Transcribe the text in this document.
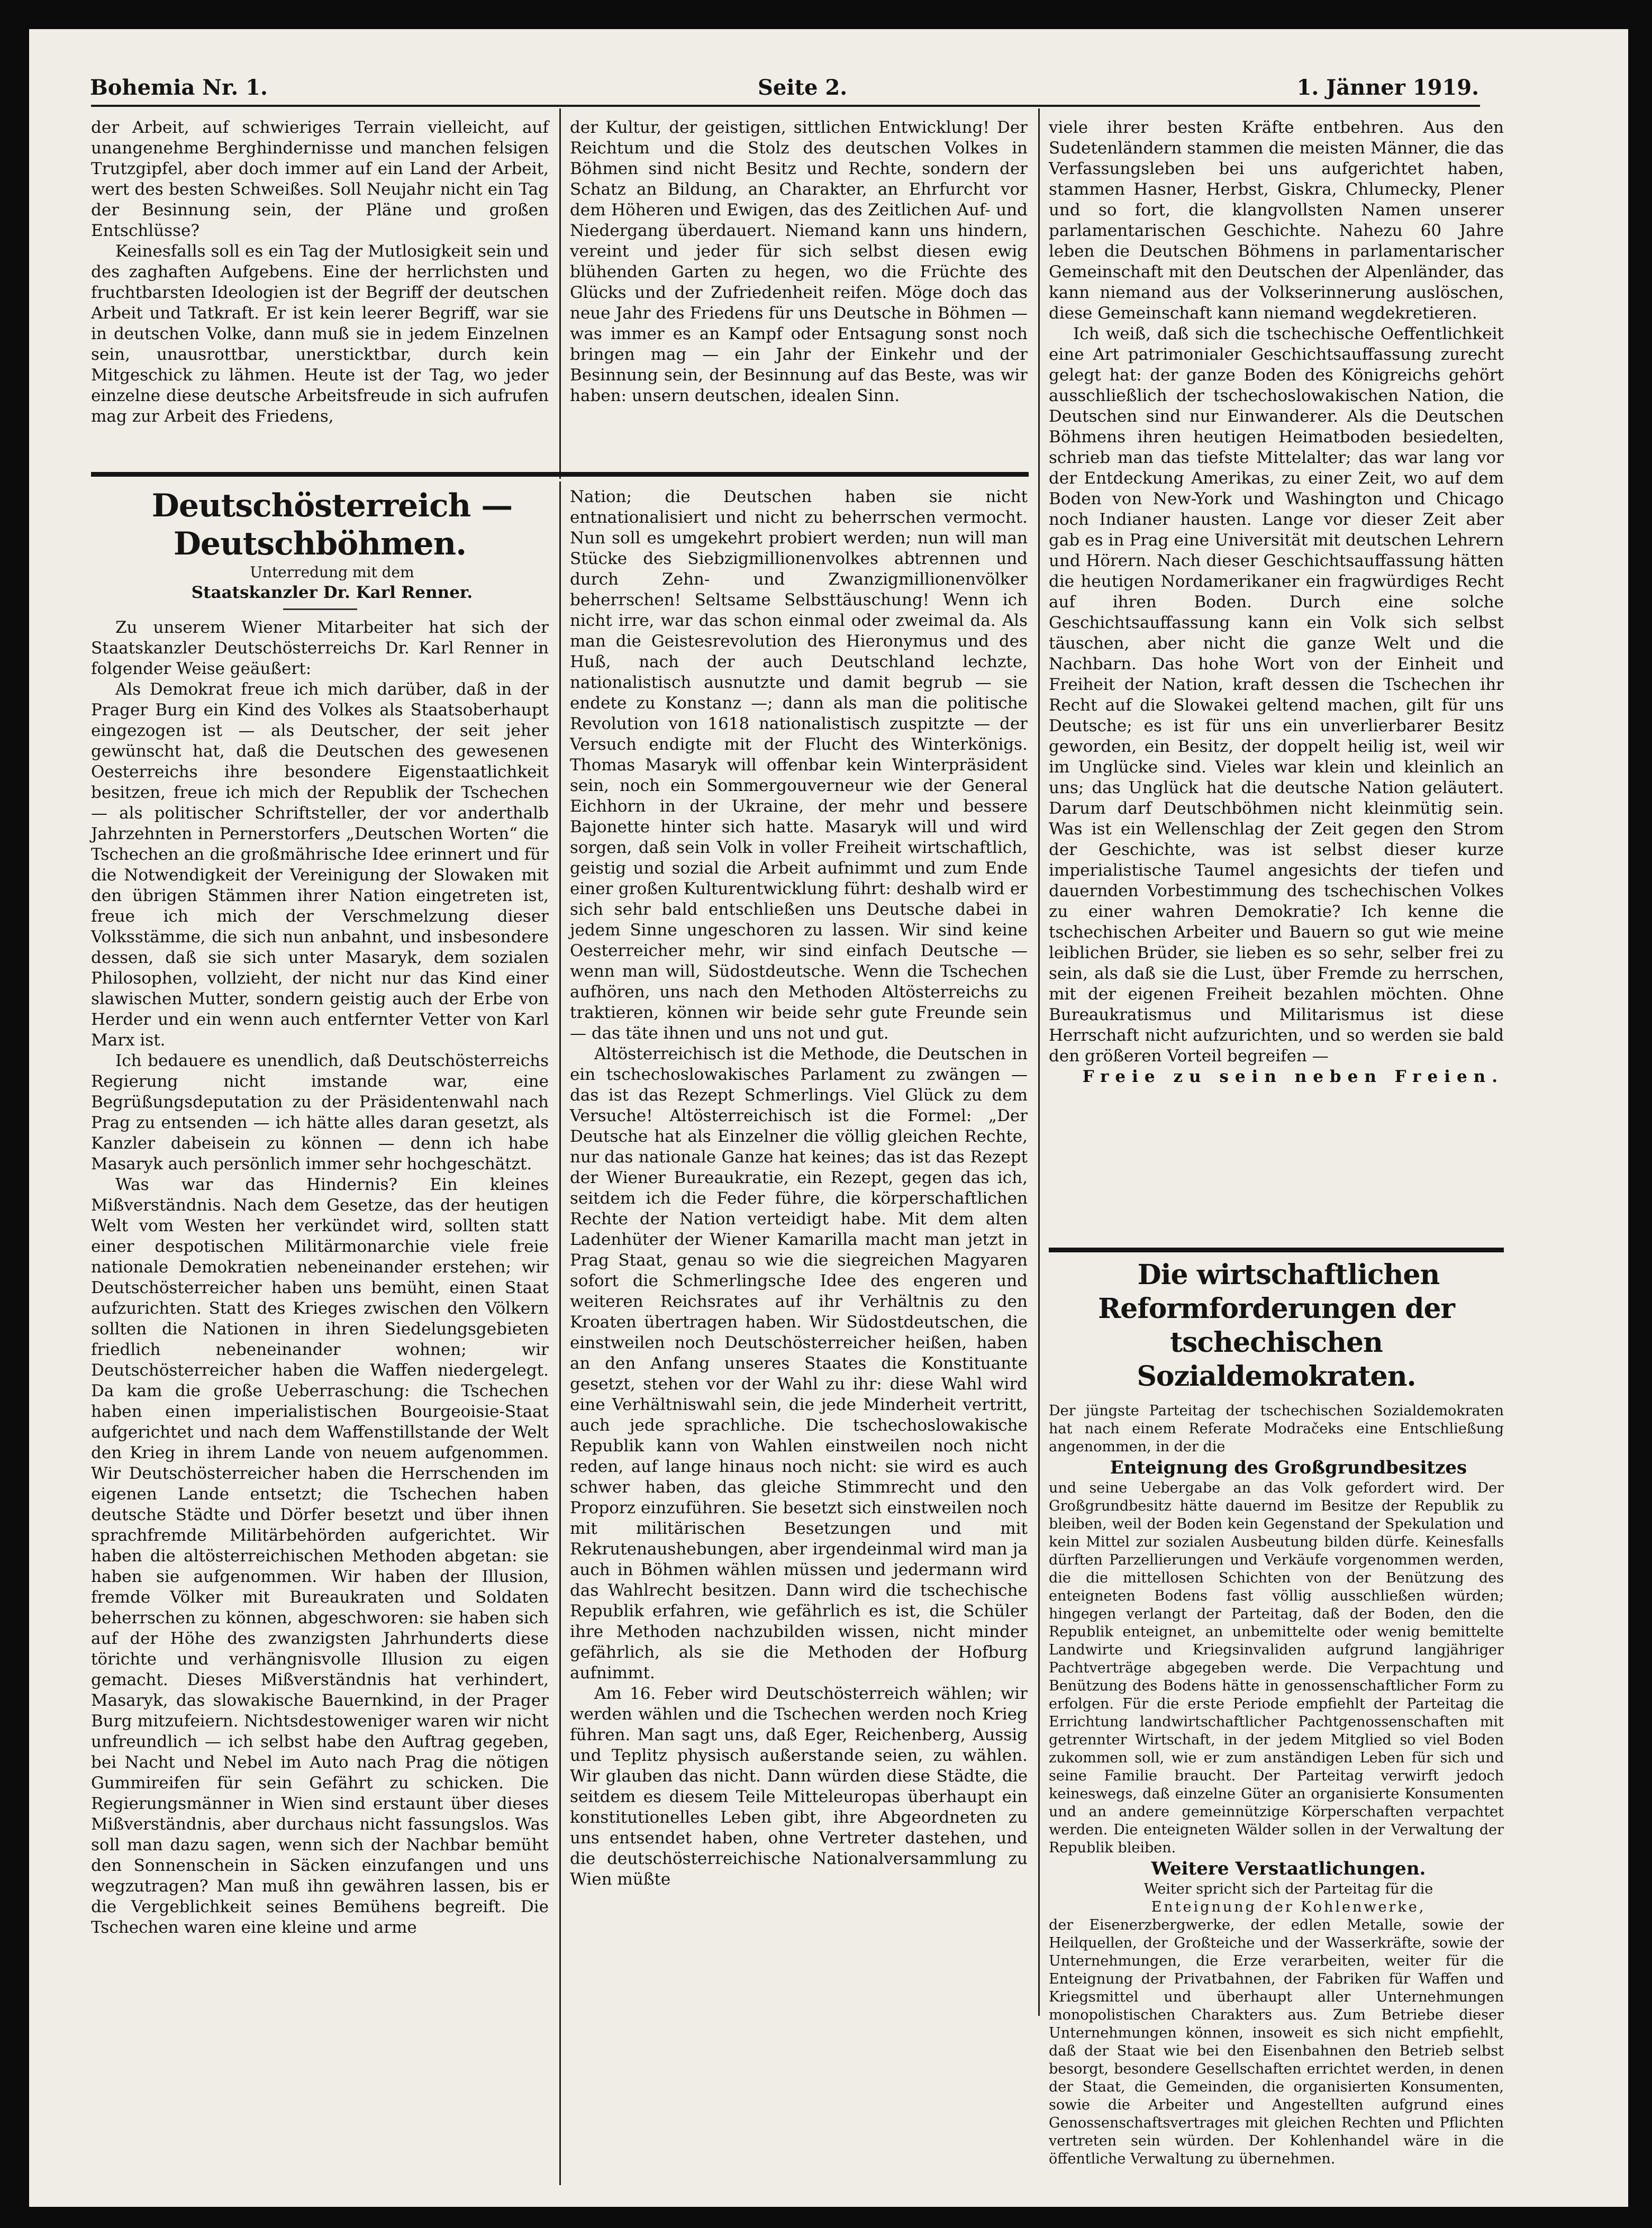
Bohemia Nr. 1.	Seite 2.	1. Jänner 1919.

der Arbeit, auf schwieriges Terrain vielleicht, auf unangenehme Berghindernisse und manchen felsigen Trutzgipfel, aber doch immer auf ein Land der Arbeit, wert des besten Schweißes. Soll Neujahr nicht ein Tag der Besinnung sein, der Pläne und großen Entschlüsse?

Keinesfalls soll es ein Tag der Mutlosigkeit sein und des zaghaften Aufgebens. Eine der herrlichsten und fruchtbarsten Ideologien ist der Begriff der deutschen Arbeit und Tatkraft. Er ist kein leerer Begriff, war sie in deutschen Volke, dann muß sie in jedem Einzelnen sein, unausrottbar, unersticktbar, durch kein Mitgeschick zu lähmen. Heute ist der Tag, wo jeder einzelne diese deutsche Arbeitsfreude in sich aufrufen mag zur Arbeit des Friedens,

der Kultur, der geistigen, sittlichen Entwicklung! Der Reichtum und die Stolz des deutschen Volkes in Böhmen sind nicht Besitz und Rechte, sondern der Schatz an Bildung, an Charakter, an Ehrfurcht vor dem Höheren und Ewigen, das des Zeitlichen Auf- und Niedergang überdauert. Niemand kann uns hindern, vereint und jeder für sich selbst diesen ewig blühenden Garten zu hegen, wo die Früchte des Glücks und der Zufriedenheit reifen. Möge doch das neue Jahr des Friedens für uns Deutsche in Böhmen — was immer es an Kampf oder Entsagung sonst noch bringen mag — ein Jahr der Einkehr und der Besinnung sein, der Besinnung auf das Beste, was wir haben: unsern deutschen, idealen Sinn.

viele ihrer besten Kräfte entbehren. Aus den Sudetenländern stammen die meisten Männer, die das Verfassungsleben bei uns aufgerichtet haben, stammen Hasner, Herbst, Giskra, Chlumecky, Plener und so fort, die klangvollsten Namen unserer parlamentarischen Geschichte. Nahezu 60 Jahre leben die Deutschen Böhmens in parlamentarischer Gemeinschaft mit den Deutschen der Alpenländer, das kann niemand aus der Volkserinnerung auslöschen, diese Gemeinschaft kann niemand wegdekretieren.

Ich weiß, daß sich die tschechische Oeffentlichkeit eine Art patrimonialer Geschichtsauffassung zurecht gelegt hat: der ganze Boden des Königreichs gehört ausschließlich der tschechoslowakischen Nation, die Deutschen sind nur Einwanderer. Als die Deutschen Böhmens ihren heutigen Heimatboden besiedelten, schrieb man das tiefste Mittelalter; das war lang vor der Entdeckung Amerikas, zu einer Zeit, wo auf dem Boden von New-York und Washington und Chicago noch Indianer hausten. Lange vor dieser Zeit aber gab es in Prag eine Universität mit deutschen Lehrern und Hörern. Nach dieser Geschichtsauffassung hätten die heutigen Nordamerikaner ein fragwürdiges Recht auf ihren Boden. Durch eine solche Geschichtsauffassung kann ein Volk sich selbst täuschen, aber nicht die ganze Welt und die Nachbarn. Das hohe Wort von der Einheit und Freiheit der Nation, kraft dessen die Tschechen ihr Recht auf die Slowakei geltend machen, gilt für uns Deutsche; es ist für uns ein unverlierbarer Besitz geworden, ein Besitz, der doppelt heilig ist, weil wir im Unglücke sind. Vieles war klein und kleinlich an uns; das Unglück hat die deutsche Nation geläutert. Darum darf Deutschböhmen nicht kleinmütig sein. Was ist ein Wellenschlag der Zeit gegen den Strom der Geschichte, was ist selbst dieser kurze imperialistische Taumel angesichts der tiefen und dauernden Vorbestimmung des tschechischen Volkes zu einer wahren Demokratie? Ich kenne die tschechischen Arbeiter und Bauern so gut wie meine leiblichen Brüder, sie lieben es so sehr, selber frei zu sein, als daß sie die Lust, über Fremde zu herrschen, mit der eigenen Freiheit bezahlen möchten. Ohne Bureaukratismus und Militarismus ist diese Herrschaft nicht aufzurichten, und so werden sie bald den größeren Vorteil begreifen —

Freie zu sein neben Freien.

Deutschösterreich — Deutschböhmen.

Unterredung mit dem

Staatskanzler Dr. Karl Renner.

Zu unserem Wiener Mitarbeiter hat sich der Staatskanzler Deutschösterreichs Dr. Karl Renner in folgender Weise geäußert:

Als Demokrat freue ich mich darüber, daß in der Prager Burg ein Kind des Volkes als Staatsoberhaupt eingezogen ist — als Deutscher, der seit jeher gewünscht hat, daß die Deutschen des gewesenen Oesterreichs ihre besondere Eigenstaatlichkeit besitzen, freue ich mich der Republik der Tschechen — als politischer Schriftsteller, der vor anderthalb Jahrzehnten in Pernerstorfers „Deutschen Worten“ die Tschechen an die großmährische Idee erinnert und für die Notwendigkeit der Vereinigung der Slowaken mit den übrigen Stämmen ihrer Nation eingetreten ist, freue ich mich der Verschmelzung dieser Volksstämme, die sich nun anbahnt, und insbesondere dessen, daß sie sich unter Masaryk, dem sozialen Philosophen, vollzieht, der nicht nur das Kind einer slawischen Mutter, sondern geistig auch der Erbe von Herder und ein wenn auch entfernter Vetter von Karl Marx ist.

Ich bedauere es unendlich, daß Deutschösterreichs Regierung nicht imstande war, eine Begrüßungsdeputation zu der Präsidentenwahl nach Prag zu entsenden — ich hätte alles daran gesetzt, als Kanzler dabeisein zu können — denn ich habe Masaryk auch persönlich immer sehr hochgeschätzt.

Was war das Hindernis? Ein kleines Mißverständnis. Nach dem Gesetze, das der heutigen Welt vom Westen her verkündet wird, sollten statt einer despotischen Militärmonarchie viele freie nationale Demokratien nebeneinander erstehen; wir Deutschösterreicher haben uns bemüht, einen Staat aufzurichten. Statt des Krieges zwischen den Völkern sollten die Nationen in ihren Siedelungsgebieten friedlich nebeneinander wohnen; wir Deutschösterreicher haben die Waffen niedergelegt. Da kam die große Ueberraschung: die Tschechen haben einen imperialistischen Bourgeoisie-Staat aufgerichtet und nach dem Waffenstillstande der Welt den Krieg in ihrem Lande von neuem aufgenommen. Wir Deutschösterreicher haben die Herrschenden im eigenen Lande entsetzt; die Tschechen haben deutsche Städte und Dörfer besetzt und über ihnen sprachfremde Militärbehörden aufgerichtet. Wir haben die altösterreichischen Methoden abgetan: sie haben sie aufgenommen. Wir haben der Illusion, fremde Völker mit Bureaukraten und Soldaten beherrschen zu können, abgeschworen: sie haben sich auf der Höhe des zwanzigsten Jahrhunderts diese törichte und verhängnisvolle Illusion zu eigen gemacht. Dieses Mißverständnis hat verhindert, Masaryk, das slowakische Bauernkind, in der Prager Burg mitzufeiern. Nichtsdestoweniger waren wir nicht unfreundlich — ich selbst habe den Auftrag gegeben, bei Nacht und Nebel im Auto nach Prag die nötigen Gummireifen für sein Gefährt zu schicken. Die Regierungsmänner in Wien sind erstaunt über dieses Mißverständnis, aber durchaus nicht fassungslos. Was soll man dazu sagen, wenn sich der Nachbar bemüht den Sonnenschein in Säcken einzufangen und uns wegzutragen? Man muß ihn gewähren lassen, bis er die Vergeblichkeit seines Bemühens begreift. Die Tschechen waren eine kleine und arme

Nation; die Deutschen haben sie nicht entnationalisiert und nicht zu beherrschen vermocht. Nun soll es umgekehrt probiert werden; nun will man Stücke des Siebzigmillionenvolkes abtrennen und durch Zehn- und Zwanzigmillionenvölker beherrschen! Seltsame Selbsttäuschung! Wenn ich nicht irre, war das schon einmal oder zweimal da. Als man die Geistesrevolution des Hieronymus und des Huß, nach der auch Deutschland lechzte, nationalistisch ausnutzte und damit begrub — sie endete zu Konstanz —; dann als man die politische Revolution von 1618 nationalistisch zuspitzte — der Versuch endigte mit der Flucht des Winterkönigs. Thomas Masaryk will offenbar kein Winterpräsident sein, noch ein Sommergouverneur wie der General Eichhorn in der Ukraine, der mehr und bessere Bajonette hinter sich hatte. Masaryk will und wird sorgen, daß sein Volk in voller Freiheit wirtschaftlich, geistig und sozial die Arbeit aufnimmt und zum Ende einer großen Kulturentwicklung führt: deshalb wird er sich sehr bald entschließen uns Deutsche dabei in jedem Sinne ungeschoren zu lassen. Wir sind keine Oesterreicher mehr, wir sind einfach Deutsche — wenn man will, Südostdeutsche. Wenn die Tschechen aufhören, uns nach den Methoden Altösterreichs zu traktieren, können wir beide sehr gute Freunde sein — das täte ihnen und uns not und gut.

Altösterreichisch ist die Methode, die Deutschen in ein tschechoslowakisches Parlament zu zwängen — das ist das Rezept Schmerlings. Viel Glück zu dem Versuche! Altösterreichisch ist die Formel: „Der Deutsche hat als Einzelner die völlig gleichen Rechte, nur das nationale Ganze hat keines; das ist das Rezept der Wiener Bureaukratie, ein Rezept, gegen das ich, seitdem ich die Feder führe, die körperschaftlichen Rechte der Nation verteidigt habe. Mit dem alten Ladenhüter der Wiener Kamarilla macht man jetzt in Prag Staat, genau so wie die siegreichen Magyaren sofort die Schmerlingsche Idee des engeren und weiteren Reichsrates auf ihr Verhältnis zu den Kroaten übertragen haben. Wir Südostdeutschen, die einstweilen noch Deutschösterreicher heißen, haben an den Anfang unseres Staates die Konstituante gesetzt, stehen vor der Wahl zu ihr: diese Wahl wird eine Verhältniswahl sein, die jede Minderheit vertritt, auch jede sprachliche. Die tschechoslowakische Republik kann von Wahlen einstweilen noch nicht reden, auf lange hinaus noch nicht: sie wird es auch schwer haben, das gleiche Stimmrecht und den Proporz einzuführen. Sie besetzt sich einstweilen noch mit militärischen Besetzungen und mit Rekrutenaushebungen, aber irgendeinmal wird man ja auch in Böhmen wählen müssen und jedermann wird das Wahlrecht besitzen. Dann wird die tschechische Republik erfahren, wie gefährlich es ist, die Schüler ihre Methoden nachzubilden wissen, nicht minder gefährlich, als sie die Methoden der Hofburg aufnimmt.

Am 16. Feber wird Deutschösterreich wählen; wir werden wählen und die Tschechen werden noch Krieg führen. Man sagt uns, daß Eger, Reichenberg, Aussig und Teplitz physisch außerstande seien, zu wählen. Wir glauben das nicht. Dann würden diese Städte, die seitdem es diesem Teile Mitteleuropas überhaupt ein konstitutionelles Leben gibt, ihre Abgeordneten zu uns entsendet haben, ohne Vertreter dastehen, und die deutschösterreichische Nationalversammlung zu Wien müßte

Die wirtschaftlichen Reformforderungen der tschechischen Sozialdemokraten.

Der jüngste Parteitag der tschechischen Sozialdemokraten hat nach einem Referate Modračeks eine Entschließung angenommen, in der die

Enteignung des Großgrundbesitzes

und seine Uebergabe an das Volk gefordert wird. Der Großgrundbesitz hätte dauernd im Besitze der Republik zu bleiben, weil der Boden kein Gegenstand der Spekulation und kein Mittel zur sozialen Ausbeutung bilden dürfe. Keinesfalls dürften Parzellierungen und Verkäufe vorgenommen werden, die die mittellosen Schichten von der Benützung des enteigneten Bodens fast völlig ausschließen würden; hingegen verlangt der Parteitag, daß der Boden, den die Republik enteignet, an unbemittelte oder wenig bemittelte Landwirte und Kriegsinvaliden aufgrund langjähriger Pachtverträge abgegeben werde. Die Verpachtung und Benützung des Bodens hätte in genossenschaftlicher Form zu erfolgen. Für die erste Periode empfiehlt der Parteitag die Errichtung landwirtschaftlicher Pachtgenossenschaften mit getrennter Wirtschaft, in der jedem Mitglied so viel Boden zukommen soll, wie er zum anständigen Leben für sich und seine Familie braucht. Der Parteitag verwirft jedoch keineswegs, daß einzelne Güter an organisierte Konsumenten und an andere gemeinnützige Körperschaften verpachtet werden. Die enteigneten Wälder sollen in der Verwaltung der Republik bleiben.

Weitere Verstaatlichungen.

Weiter spricht sich der Parteitag für die

Enteignung der Kohlenwerke,

der Eisenerzbergwerke, der edlen Metalle, sowie der Heilquellen, der Großteiche und der Wasserkräfte, sowie der Unternehmungen, die Erze verarbeiten, weiter für die Enteignung der Privatbahnen, der Fabriken für Waffen und Kriegsmittel und überhaupt aller Unternehmungen monopolistischen Charakters aus. Zum Betriebe dieser Unternehmungen können, insoweit es sich nicht empfiehlt, daß der Staat wie bei den Eisenbahnen den Betrieb selbst besorgt, besondere Gesellschaften errichtet werden, in denen der Staat, die Gemeinden, die organisierten Konsumenten, sowie die Arbeiter und Angestellten aufgrund eines Genossenschaftsvertrages mit gleichen Rechten und Pflichten vertreten sein würden. Der Kohlenhandel wäre in die öffentliche Verwaltung zu übernehmen.
